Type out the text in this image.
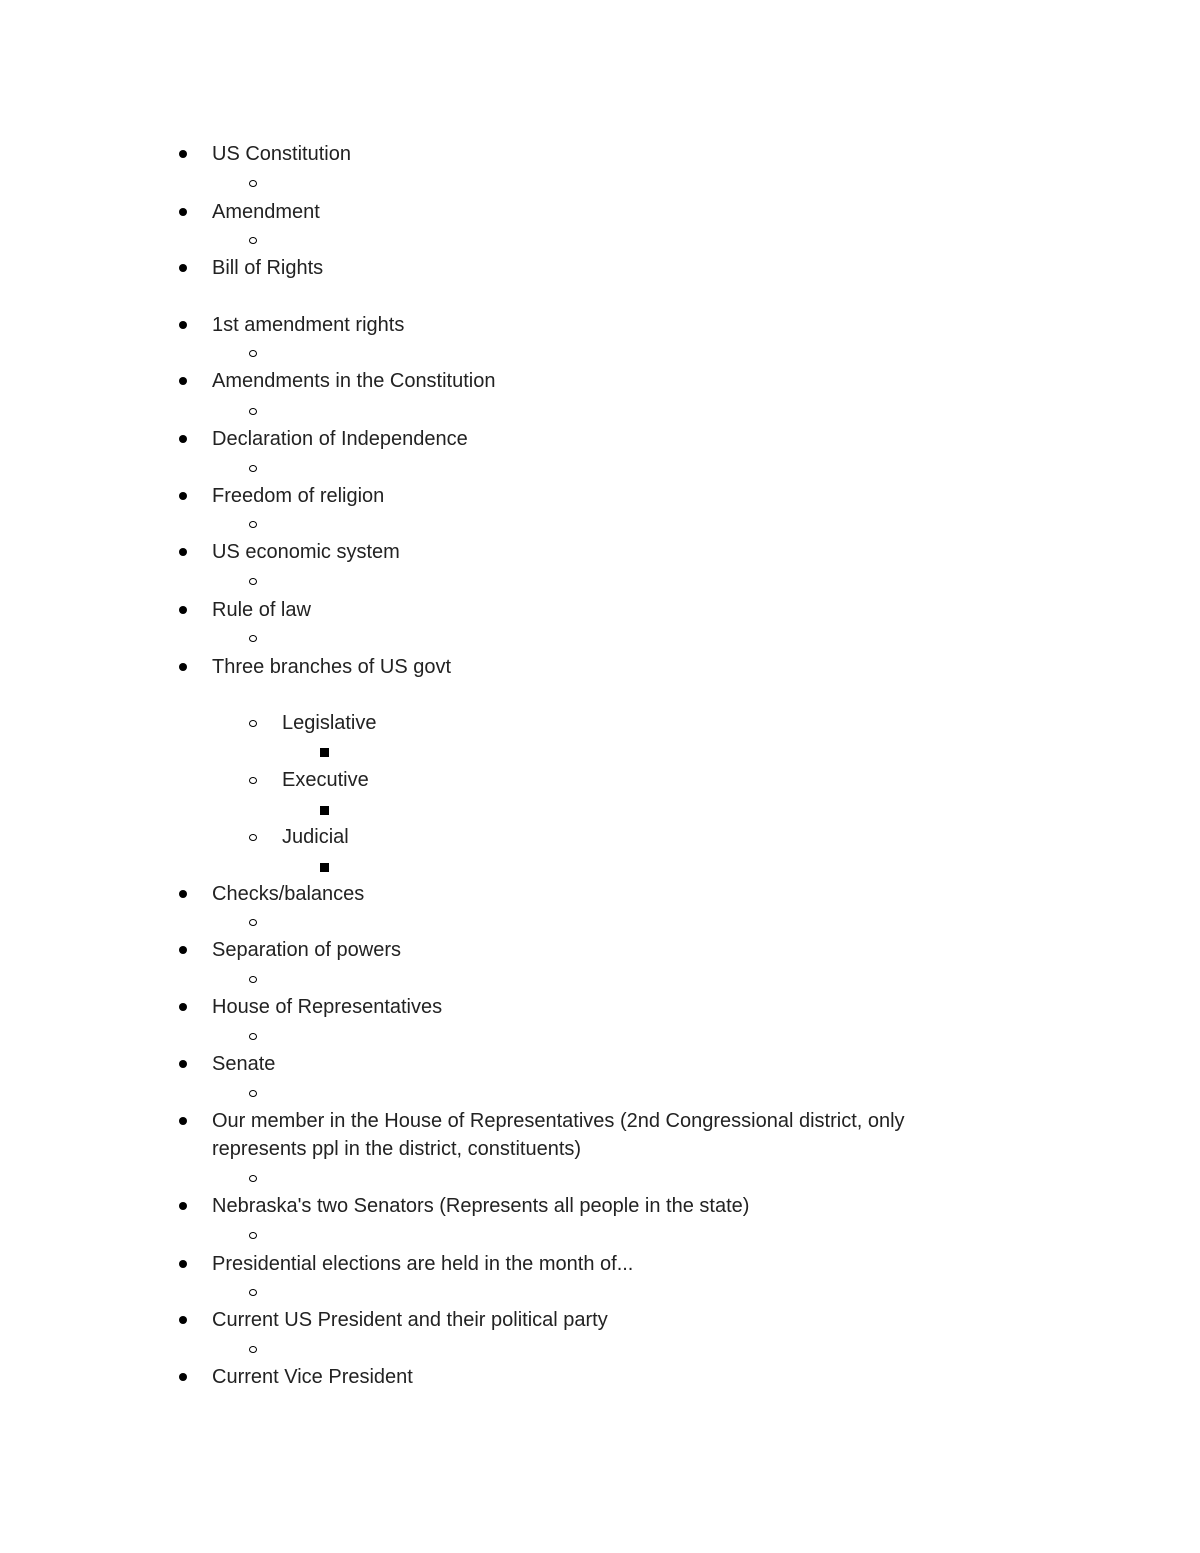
US Constitution
Amendment
Bill of Rights
1st amendment rights
Amendments in the Constitution
Declaration of Independence
Freedom of religion
US economic system
Rule of law
Three branches of US govt
Legislative
Executive
Judicial
Checks/balances
Separation of powers
House of Representatives
Senate
Our member in the House of Representatives (2nd Congressional district, only
represents ppl in the district, constituents)
Nebraska's two Senators (Represents all people in the state)
Presidential elections are held in the month of...
Current US President and their political party
Current Vice President
